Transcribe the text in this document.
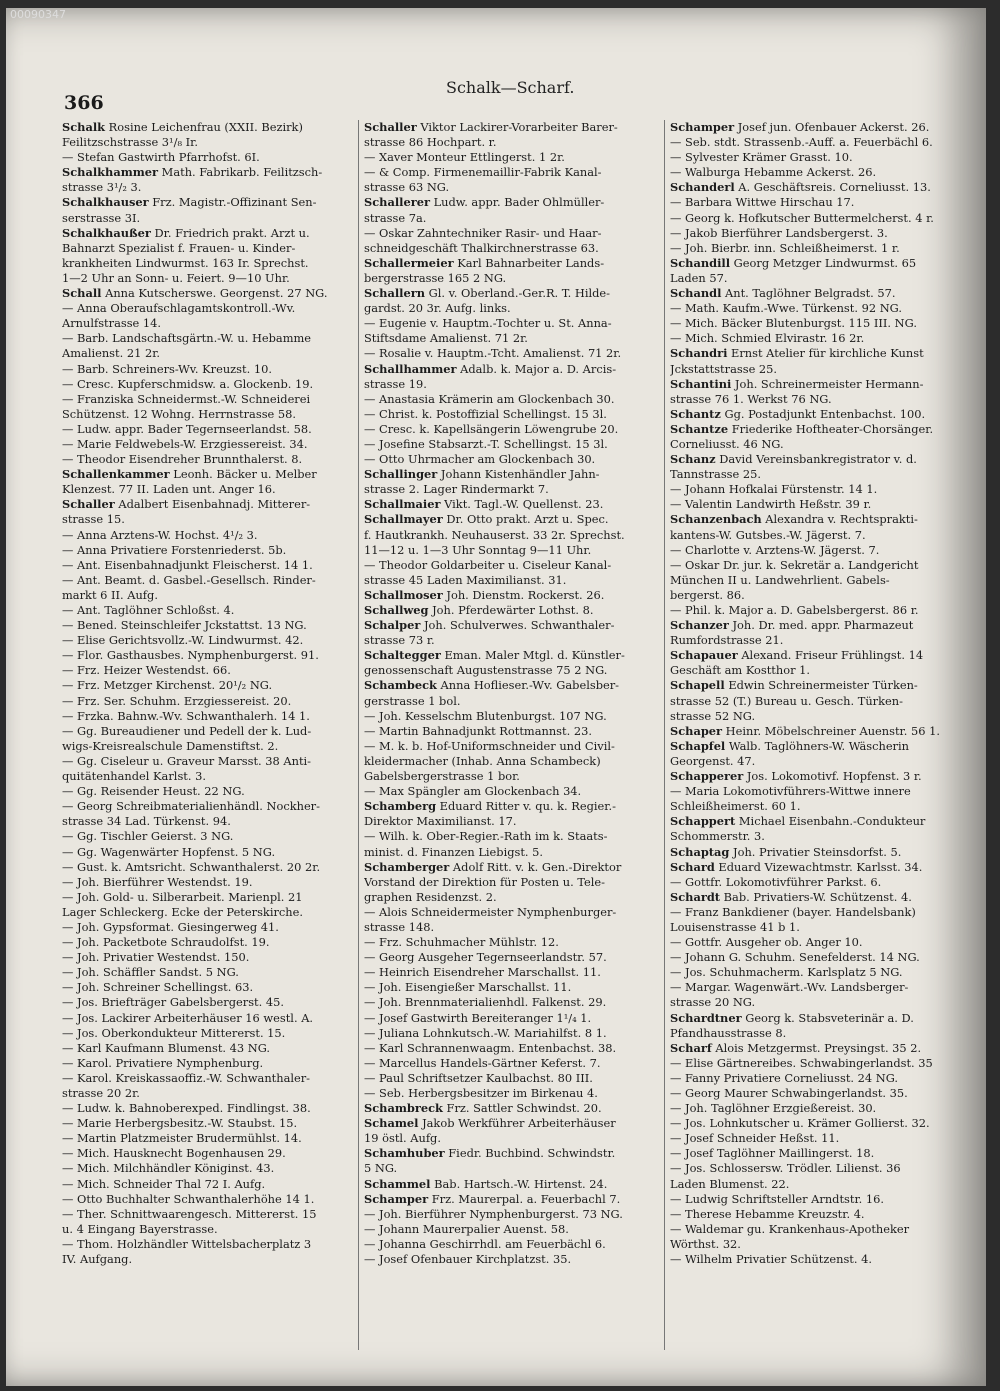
00090347
366
Schalk—Scharf.
Schalk Rosine Leichenfrau (XXII. Bezirk)
Feilitzschstrasse 3¹/₈ Ir.
— Stefan Gastwirth Pfarrhofst. 6I.
Schalkhammer Math. Fabrikarb. Feilitzsch-
strasse 3¹/₂ 3.
Schalkhauser Frz. Magistr.-Offizinant Sen-
serstrasse 3I.
Schalkhaußer Dr. Friedrich prakt. Arzt u.
Bahnarzt Spezialist f. Frauen- u. Kinder-
krankheiten Lindwurmst. 163 Ir. Sprechst.
1—2 Uhr an Sonn- u. Feiert. 9—10 Uhr.
Schall Anna Kutscherswe. Georgenst. 27 NG.
— Anna Oberaufschlagamtskontroll.-Wv.
Arnulfstrasse 14.
— Barb. Landschaftsgärtn.-W. u. Hebamme
Amalienst. 21 2r.
— Barb. Schreiners-Wv. Kreuzst. 10.
— Cresc. Kupferschmidsw. a. Glockenb. 19.
— Franziska Schneidermst.-W. Schneiderei
Schützenst. 12 Wohng. Herrnstrasse 58.
— Ludw. appr. Bader Tegernseerlandst. 58.
— Marie Feldwebels-W. Erzgiessereist. 34.
— Theodor Eisendreher Brunnthalerst. 8.
Schallenkammer Leonh. Bäcker u. Melber
Klenzest. 77 II. Laden unt. Anger 16.
Schaller Adalbert Eisenbahnadj. Mitterer-
strasse 15.
— Anna Arztens-W. Hochst. 4¹/₂ 3.
— Anna Privatiere Forstenriederst. 5b.
— Ant. Eisenbahnadjunkt Fleischerst. 14 1.
— Ant. Beamt. d. Gasbel.-Gesellsch. Rinder-
markt 6 II. Aufg.
— Ant. Taglöhner Schloßst. 4.
— Bened. Steinschleifer Jckstattst. 13 NG.
— Elise Gerichtsvollz.-W. Lindwurmst. 42.
— Flor. Gasthausbes. Nymphenburgerst. 91.
— Frz. Heizer Westendst. 66.
— Frz. Metzger Kirchenst. 20¹/₂ NG.
— Frz. Ser. Schuhm. Erzgiessereist. 20.
— Frzka. Bahnw.-Wv. Schwanthalerh. 14 1.
— Gg. Bureaudiener und Pedell der k. Lud-
wigs-Kreisrealschule Damenstiftst. 2.
— Gg. Ciseleur u. Graveur Marsst. 38 Anti-
quitätenhandel Karlst. 3.
— Gg. Reisender Heust. 22 NG.
— Georg Schreibmaterialienhändl. Nockher-
strasse 34 Lad. Türkenst. 94.
— Gg. Tischler Geierst. 3 NG.
— Gg. Wagenwärter Hopfenst. 5 NG.
— Gust. k. Amtsricht. Schwanthalerst. 20 2r.
— Joh. Bierführer Westendst. 19.
— Joh. Gold- u. Silberarbeit. Marienpl. 21
Lager Schleckerg. Ecke der Peterskirche.
— Joh. Gypsformat. Giesingerweg 41.
— Joh. Packetbote Schraudolfst. 19.
— Joh. Privatier Westendst. 150.
— Joh. Schäffler Sandst. 5 NG.
— Joh. Schreiner Schellingst. 63.
— Jos. Briefträger Gabelsbergerst. 45.
— Jos. Lackirer Arbeiterhäuser 16 westl. A.
— Jos. Oberkondukteur Mittererst. 15.
— Karl Kaufmann Blumenst. 43 NG.
— Karol. Privatiere Nymphenburg.
— Karol. Kreiskassaoffiz.-W. Schwanthaler-
strasse 20 2r.
— Ludw. k. Bahnoberexped. Findlingst. 38.
— Marie Herbergsbesitz.-W. Staubst. 15.
— Martin Platzmeister Brudermühlst. 14.
— Mich. Hausknecht Bogenhausen 29.
— Mich. Milchhändler Königinst. 43.
— Mich. Schneider Thal 72 I. Aufg.
— Otto Buchhalter Schwanthalerhöhe 14 1.
— Ther. Schnittwaarengesch. Mittererst. 15
u. 4 Eingang Bayerstrasse.
— Thom. Holzhändler Wittelsbacherplatz 3
IV. Aufgang.
Schaller Viktor Lackirer-Vorarbeiter Barer-
strasse 86 Hochpart. r.
— Xaver Monteur Ettlingerst. 1 2r.
— & Comp. Firmenemaillir-Fabrik Kanal-
strasse 63 NG.
Schallerer Ludw. appr. Bader Ohlmüller-
strasse 7a.
— Oskar Zahntechniker Rasir- und Haar-
schneidgeschäft Thalkirchnerstrasse 63.
Schallermeier Karl Bahnarbeiter Lands-
bergerstrasse 165 2 NG.
Schallern Gl. v. Oberland.-Ger.R. T. Hilde-
gardst. 20 3r. Aufg. links.
— Eugenie v. Hauptm.-Tochter u. St. Anna-
Stiftsdame Amalienst. 71 2r.
— Rosalie v. Hauptm.-Tcht. Amalienst. 71 2r.
Schallhammer Adalb. k. Major a. D. Arcis-
strasse 19.
— Anastasia Krämerin am Glockenbach 30.
— Christ. k. Postoffizial Schellingst. 15 3l.
— Cresc. k. Kapellsängerin Löwengrube 20.
— Josefine Stabsarzt.-T. Schellingst. 15 3l.
— Otto Uhrmacher am Glockenbach 30.
Schallinger Johann Kistenhändler Jahn-
strasse 2. Lager Rindermarkt 7.
Schallmaier Vikt. Tagl.-W. Quellenst. 23.
Schallmayer Dr. Otto prakt. Arzt u. Spec.
f. Hautkrankh. Neuhauserst. 33 2r. Sprechst.
11—12 u. 1—3 Uhr Sonntag 9—11 Uhr.
— Theodor Goldarbeiter u. Ciseleur Kanal-
strasse 45 Laden Maximilianst. 31.
Schallmoser Joh. Dienstm. Rockerst. 26.
Schallweg Joh. Pferdewärter Lothst. 8.
Schalper Joh. Schulverwes. Schwanthaler-
strasse 73 r.
Schaltegger Eman. Maler Mtgl. d. Künstler-
genossenschaft Augustenstrasse 75 2 NG.
Schambeck Anna Hoflieser.-Wv. Gabelsber-
gerstrasse 1 bol.
— Joh. Kesselschm Blutenburgst. 107 NG.
— Martin Bahnadjunkt Rottmannst. 23.
— M. k. b. Hof-Uniformschneider und Civil-
kleidermacher (Inhab. Anna Schambeck)
Gabelsbergerstrasse 1 bor.
— Max Spängler am Glockenbach 34.
Schamberg Eduard Ritter v. qu. k. Regier.-
Direktor Maximilianst. 17.
— Wilh. k. Ober-Regier.-Rath im k. Staats-
minist. d. Finanzen Liebigst. 5.
Schamberger Adolf Ritt. v. k. Gen.-Direktor
Vorstand der Direktion für Posten u. Tele-
graphen Residenzst. 2.
— Alois Schneidermeister Nymphenburger-
strasse 148.
— Frz. Schuhmacher Mühlstr. 12.
— Georg Ausgeher Tegernseerlandstr. 57.
— Heinrich Eisendreher Marschallst. 11.
— Joh. Eisengießer Marschallst. 11.
— Joh. Brennmaterialienhdl. Falkenst. 29.
— Josef Gastwirth Bereiteranger 1¹/₄ 1.
— Juliana Lohnkutsch.-W. Mariahilfst. 8 1.
— Karl Schrannenwaagm. Entenbachst. 38.
— Marcellus Handels-Gärtner Keferst. 7.
— Paul Schriftsetzer Kaulbachst. 80 III.
— Seb. Herbergsbesitzer im Birkenau 4.
Schambreck Frz. Sattler Schwindst. 20.
Schamel Jakob Werkführer Arbeiterhäuser
19 östl. Aufg.
Schamhuber Fiedr. Buchbind. Schwindstr.
5 NG.
Schammel Bab. Hartsch.-W. Hirtenst. 24.
Schamper Frz. Maurerpal. a. Feuerbachl 7.
— Joh. Bierführer Nymphenburgerst. 73 NG.
— Johann Maurerpalier Auenst. 58.
— Johanna Geschirrhdl. am Feuerbächl 6.
— Josef Ofenbauer Kirchplatzst. 35.
Schamper Josef jun. Ofenbauer Ackerst. 26.
— Seb. stdt. Strassenb.-Auff. a. Feuerbächl 6.
— Sylvester Krämer Grasst. 10.
— Walburga Hebamme Ackerst. 26.
Schanderl A. Geschäftsreis. Corneliusst. 13.
— Barbara Wittwe Hirschau 17.
— Georg k. Hofkutscher Buttermelcherst. 4 r.
— Jakob Bierführer Landsbergerst. 3.
— Joh. Bierbr. inn. Schleißheimerst. 1 r.
Schandill Georg Metzger Lindwurmst. 65
Laden 57.
Schandl Ant. Taglöhner Belgradst. 57.
— Math. Kaufm.-Wwe. Türkenst. 92 NG.
— Mich. Bäcker Blutenburgst. 115 III. NG.
— Mich. Schmied Elvirastr. 16 2r.
Schandri Ernst Atelier für kirchliche Kunst
Jckstattstrasse 25.
Schantini Joh. Schreinermeister Hermann-
strasse 76 1. Werkst 76 NG.
Schantz Gg. Postadjunkt Entenbachst. 100.
Schantze Friederike Hoftheater-Chorsänger.
Corneliusst. 46 NG.
Schanz David Vereinsbankregistrator v. d.
Tannstrasse 25.
— Johann Hofkalai Fürstenstr. 14 1.
— Valentin Landwirth Heßstr. 39 r.
Schanzenbach Alexandra v. Rechtsprakti-
kantens-W. Gutsbes.-W. Jägerst. 7.
— Charlotte v. Arztens-W. Jägerst. 7.
— Oskar Dr. jur. k. Sekretär a. Landgericht
München II u. Landwehrlient. Gabels-
bergerst. 86.
— Phil. k. Major a. D. Gabelsbergerst. 86 r.
Schanzer Joh. Dr. med. appr. Pharmazeut
Rumfordstrasse 21.
Schapauer Alexand. Friseur Frühlingst. 14
Geschäft am Kostthor 1.
Schapell Edwin Schreinermeister Türken-
strasse 52 (T.) Bureau u. Gesch. Türken-
strasse 52 NG.
Schaper Heinr. Möbelschreiner Auenstr. 56 1.
Schapfel Walb. Taglöhners-W. Wäscherin
Georgenst. 47.
Schapperer Jos. Lokomotivf. Hopfenst. 3 r.
— Maria Lokomotivführers-Wittwe innere
Schleißheimerst. 60 1.
Schappert Michael Eisenbahn.-Condukteur
Schommerstr. 3.
Schaptag Joh. Privatier Steinsdorfst. 5.
Schard Eduard Vizewachtmstr. Karlsst. 34.
— Gottfr. Lokomotivführer Parkst. 6.
Schardt Bab. Privatiers-W. Schützenst. 4.
— Franz Bankdiener (bayer. Handelsbank)
Louisenstrasse 41 b 1.
— Gottfr. Ausgeher ob. Anger 10.
— Johann G. Schuhm. Senefelderst. 14 NG.
— Jos. Schuhmacherm. Karlsplatz 5 NG.
— Margar. Wagenwärt.-Wv. Landsberger-
strasse 20 NG.
Schardtner Georg k. Stabsveterinär a. D.
Pfandhausstrasse 8.
Scharf Alois Metzgermst. Preysingst. 35 2.
— Elise Gärtnereibes. Schwabingerlandst. 35
— Fanny Privatiere Corneliusst. 24 NG.
— Georg Maurer Schwabingerlandst. 35.
— Joh. Taglöhner Erzgießereist. 30.
— Jos. Lohnkutscher u. Krämer Gollierst. 32.
— Josef Schneider Heßst. 11.
— Josef Taglöhner Maillingerst. 18.
— Jos. Schlossersw. Trödler. Lilienst. 36
Laden Blumenst. 22.
— Ludwig Schriftsteller Arndtstr. 16.
— Therese Hebamme Kreuzstr. 4.
— Waldemar gu. Krankenhaus-Apotheker
Wörthst. 32.
— Wilhelm Privatier Schützenst. 4.
